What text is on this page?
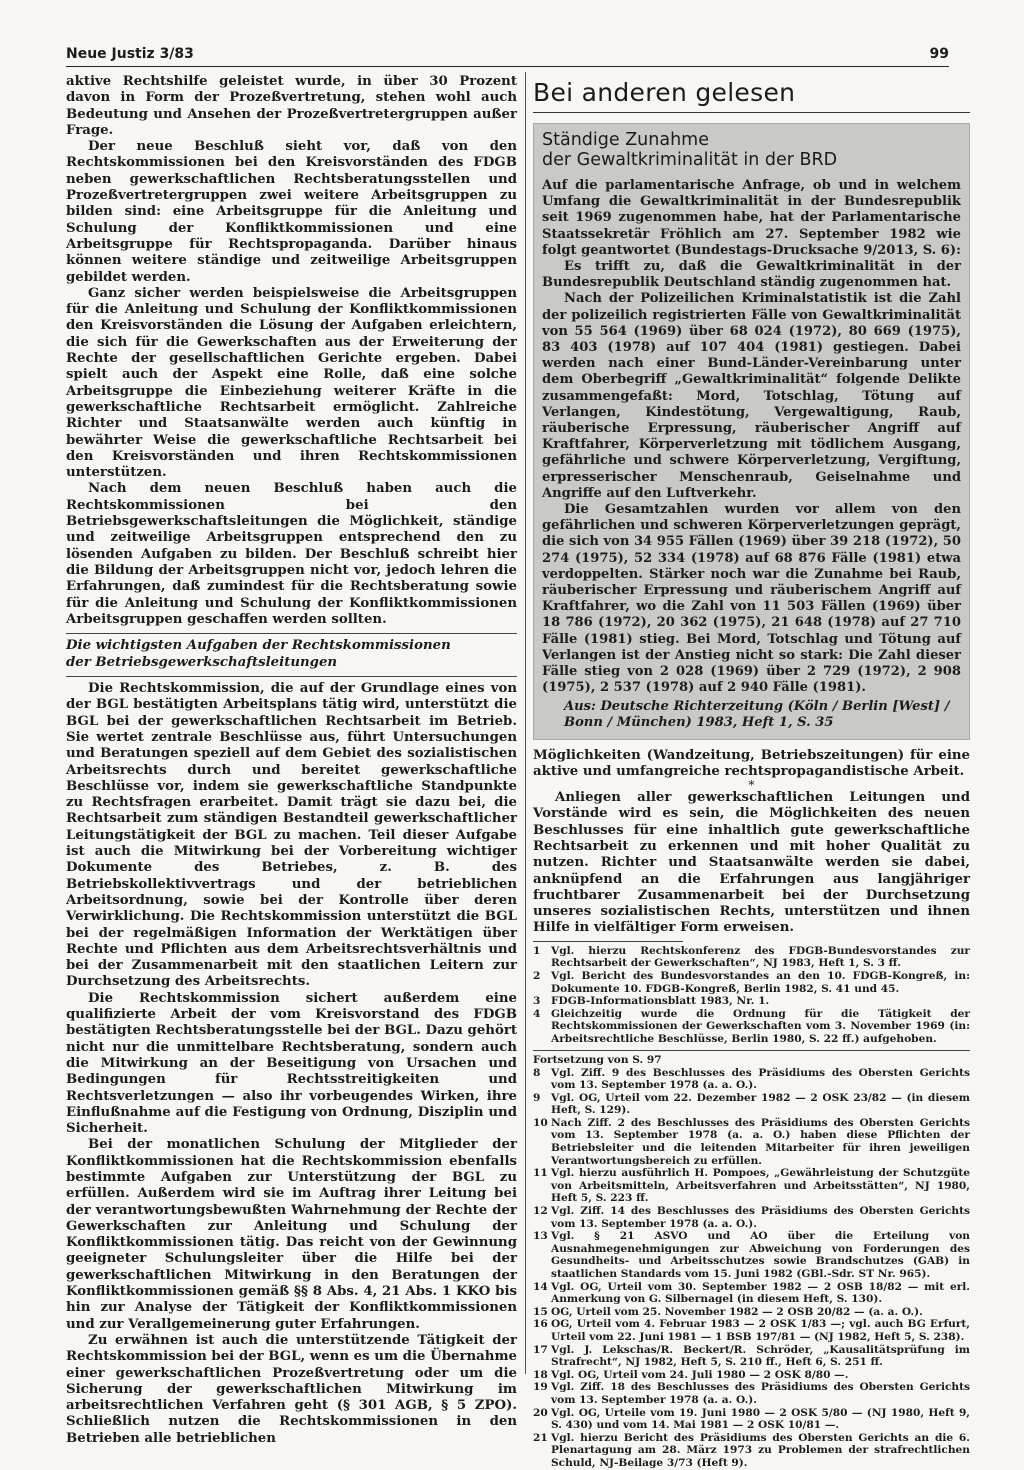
Neue Justiz 3/83	99

aktive Rechtshilfe geleistet wurde, in über 30 Prozent davon in Form der Prozeßvertretung, stehen wohl auch Bedeutung und Ansehen der Prozeßvertretergruppen außer Frage.

Der neue Beschluß sieht vor, daß von den Rechtskommissionen bei den Kreisvorständen des FDGB neben gewerkschaftlichen Rechtsberatungsstellen und Prozeßvertretergruppen zwei weitere Arbeitsgruppen zu bilden sind: eine Arbeitsgruppe für die Anleitung und Schulung der Konfliktkommissionen und eine Arbeitsgruppe für Rechtspropaganda. Darüber hinaus können weitere ständige und zeitweilige Arbeitsgruppen gebildet werden.

Ganz sicher werden beispielsweise die Arbeitsgruppen für die Anleitung und Schulung der Konfliktkommissionen den Kreisvorständen die Lösung der Aufgaben erleichtern, die sich für die Gewerkschaften aus der Erweiterung der Rechte der gesellschaftlichen Gerichte ergeben. Dabei spielt auch der Aspekt eine Rolle, daß eine solche Arbeitsgruppe die Einbeziehung weiterer Kräfte in die gewerkschaftliche Rechtsarbeit ermöglicht. Zahlreiche Richter und Staatsanwälte werden auch künftig in bewährter Weise die gewerkschaftliche Rechtsarbeit bei den Kreisvorständen und ihren Rechtskommissionen unterstützen.

Nach dem neuen Beschluß haben auch die Rechtskommissionen bei den Betriebsgewerkschaftsleitungen die Möglichkeit, ständige und zeitweilige Arbeitsgruppen entsprechend den zu lösenden Aufgaben zu bilden. Der Beschluß schreibt hier die Bildung der Arbeitsgruppen nicht vor, jedoch lehren die Erfahrungen, daß zumindest für die Rechtsberatung sowie für die Anleitung und Schulung der Konfliktkommissionen Arbeitsgruppen geschaffen werden sollten.

Die wichtigsten Aufgaben der Rechtskommissionen
der Betriebsgewerkschaftsleitungen

Die Rechtskommission, die auf der Grundlage eines von der BGL bestätigten Arbeitsplans tätig wird, unterstützt die BGL bei der gewerkschaftlichen Rechtsarbeit im Betrieb. Sie wertet zentrale Beschlüsse aus, führt Untersuchungen und Beratungen speziell auf dem Gebiet des sozialistischen Arbeitsrechts durch und bereitet gewerkschaftliche Beschlüsse vor, indem sie gewerkschaftliche Standpunkte zu Rechtsfragen erarbeitet. Damit trägt sie dazu bei, die Rechtsarbeit zum ständigen Bestandteil gewerkschaftlicher Leitungstätigkeit der BGL zu machen. Teil dieser Aufgabe ist auch die Mitwirkung bei der Vorbereitung wichtiger Dokumente des Betriebes, z. B. des Betriebskollektivvertrags und der betrieblichen Arbeitsordnung, sowie bei der Kontrolle über deren Verwirklichung. Die Rechtskommission unterstützt die BGL bei der regelmäßigen Information der Werktätigen über Rechte und Pflichten aus dem Arbeitsrechtsverhältnis und bei der Zusammenarbeit mit den staatlichen Leitern zur Durchsetzung des Arbeitsrechts.

Die Rechtskommission sichert außerdem eine qualifizierte Arbeit der vom Kreisvorstand des FDGB bestätigten Rechtsberatungsstelle bei der BGL. Dazu gehört nicht nur die unmittelbare Rechtsberatung, sondern auch die Mitwirkung an der Beseitigung von Ursachen und Bedingungen für Rechtsstreitigkeiten und Rechtsverletzungen — also ihr vorbeugendes Wirken, ihre Einflußnahme auf die Festigung von Ordnung, Disziplin und Sicherheit.

Bei der monatlichen Schulung der Mitglieder der Konfliktkommissionen hat die Rechtskommission ebenfalls bestimmte Aufgaben zur Unterstützung der BGL zu erfüllen. Außerdem wird sie im Auftrag ihrer Leitung bei der verantwortungsbewußten Wahrnehmung der Rechte der Gewerkschaften zur Anleitung und Schulung der Konfliktkommissionen tätig. Das reicht von der Gewinnung geeigneter Schulungsleiter über die Hilfe bei der gewerkschaftlichen Mitwirkung in den Beratungen der Konfliktkommissionen gemäß §§ 8 Abs. 4, 21 Abs. 1 KKO bis hin zur Analyse der Tätigkeit der Konfliktkommissionen und zur Verallgemeinerung guter Erfahrungen.

Zu erwähnen ist auch die unterstützende Tätigkeit der Rechtskommission bei der BGL, wenn es um die Übernahme einer gewerkschaftlichen Prozeßvertretung oder um die Sicherung der gewerkschaftlichen Mitwirkung im arbeitsrechtlichen Verfahren geht (§ 301 AGB, § 5 ZPO). Schließlich nutzen die Rechtskommissionen in den Betrieben alle betrieblichen

Bei anderen gelesen
Ständige Zunahme
der Gewaltkriminalität in der BRD

Auf die parlamentarische Anfrage, ob und in welchem Umfang die Gewaltkriminalität in der Bundesrepublik seit 1969 zugenommen habe, hat der Parlamentarische Staatssekretär Fröhlich am 27. September 1982 wie folgt geantwortet (Bundestags-Drucksache 9/2013, S. 6):

Es trifft zu, daß die Gewaltkriminalität in der Bundesrepublik Deutschland ständig zugenommen hat.

Nach der Polizeilichen Kriminalstatistik ist die Zahl der polizeilich registrierten Fälle von Gewaltkriminalität von 55 564 (1969) über 68 024 (1972), 80 669 (1975), 83 403 (1978) auf 107 404 (1981) gestiegen. Dabei werden nach einer Bund-Länder-Vereinbarung unter dem Oberbegriff „Gewaltkriminalität“ folgende Delikte zusammengefaßt: Mord, Totschlag, Tötung auf Verlangen, Kindestötung, Vergewaltigung, Raub, räuberische Erpressung, räuberischer Angriff auf Kraftfahrer, Körperverletzung mit tödlichem Ausgang, gefährliche und schwere Körperverletzung, Vergiftung, erpresserischer Menschenraub, Geiselnahme und Angriffe auf den Luftverkehr.

Die Gesamtzahlen wurden vor allem von den gefährlichen und schweren Körperverletzungen geprägt, die sich von 34 955 Fällen (1969) über 39 218 (1972), 50 274 (1975), 52 334 (1978) auf 68 876 Fälle (1981) etwa verdoppelten. Stärker noch war die Zunahme bei Raub, räuberischer Erpressung und räuberischem Angriff auf Kraftfahrer, wo die Zahl von 11 503 Fällen (1969) über 18 786 (1972), 20 362 (1975), 21 648 (1978) auf 27 710 Fälle (1981) stieg. Bei Mord, Totschlag und Tötung auf Verlangen ist der Anstieg nicht so stark: Die Zahl dieser Fälle stieg von 2 028 (1969) über 2 729 (1972), 2 908 (1975), 2 537 (1978) auf 2 940 Fälle (1981).

Aus: Deutsche Richterzeitung (Köln / Berlin [West] / Bonn / München) 1983, Heft 1, S. 35

Möglichkeiten (Wandzeitung, Betriebszeitungen) für eine aktive und umfangreiche rechtspropagandistische Arbeit.

*

Anliegen aller gewerkschaftlichen Leitungen und Vorstände wird es sein, die Möglichkeiten des neuen Beschlusses für eine inhaltlich gute gewerkschaftliche Rechtsarbeit zu erkennen und mit hoher Qualität zu nutzen. Richter und Staatsanwälte werden sie dabei, anknüpfend an die Erfahrungen aus langjähriger fruchtbarer Zusammenarbeit bei der Durchsetzung unseres sozialistischen Rechts, unterstützen und ihnen Hilfe in vielfältiger Form erweisen.

1	Vgl. hierzu Rechtskonferenz des FDGB-Bundesvorstandes zur Rechtsarbeit der Gewerkschaften“, NJ 1983, Heft 1, S. 3 ff.
2	Vgl. Bericht des Bundesvorstandes an den 10. FDGB-Kongreß, in: Dokumente 10. FDGB-Kongreß, Berlin 1982, S. 41 und 45.
3	FDGB-Informationsblatt 1983, Nr. 1.
4	Gleichzeitig wurde die Ordnung für die Tätigkeit der Rechtskommissionen der Gewerkschaften vom 3. November 1969 (in: Arbeitsrechtliche Beschlüsse, Berlin 1980, S. 22 ff.) aufgehoben.
Fortsetzung von S. 97
8	Vgl. Ziff. 9 des Beschlusses des Präsidiums des Obersten Gerichts vom 13. September 1978 (a. a. O.).
9	Vgl. OG, Urteil vom 22. Dezember 1982 — 2 OSK 23/82 — (in diesem Heft, S. 129).
10 Nach Ziff. 2 des Beschlusses des Präsidiums des Obersten Gerichts vom 13. September 1978 (a. a. O.) haben diese Pflichten der Betriebsleiter und die leitenden Mitarbeiter für ihren jeweiligen Verantwortungsbereich zu erfüllen.
11 Vgl. hierzu ausführlich H. Pompoes, „Gewährleistung der Schutzgüte von Arbeitsmitteln, Arbeitsverfahren und Arbeitsstätten“, NJ 1980, Heft 5, S. 223 ff.
12 Vgl. Ziff. 14 des Beschlusses des Präsidiums des Obersten Gerichts vom 13. September 1978 (a. a. O.).
13 Vgl. § 21 ASVO und AO über die Erteilung von Ausnahmegenehmigungen zur Abweichung von Forderungen des Gesundheits- und Arbeitsschutzes sowie Brandschutzes (GAB) in staatlichen Standards vom 15. Juni 1982 (GBl.-Sdr. ST Nr. 965).
14 Vgl. OG, Urteil vom 30. September 1982 — 2 OSB 18/82 — mit erl. Anmerkung von G. Silbernagel (in diesem Heft, S. 130).
15 OG, Urteil vom 25. November 1982 — 2 OSB 20/82 — (a. a. O.).
16 OG, Urteil vom 4. Februar 1983 — 2 OSK 1/83 —; vgl. auch BG Erfurt, Urteil vom 22. Juni 1981 — 1 BSB 197/81 — (NJ 1982, Heft 5, S. 238).
17 Vgl. J. Lekschas/R. Beckert/R. Schröder, „Kausalitätsprüfung im Strafrecht“, NJ 1982, Heft 5, S. 210 ff., Heft 6, S. 251 ff.
18 Vgl. OG, Urteil vom 24. Juli 1980 — 2 OSK 8/80 —.
19 Vgl. Ziff. 18 des Beschlusses des Präsidiums des Obersten Gerichts vom 13. September 1978 (a. a. O.).
20 Vgl. OG, Urteile vom 19. Juni 1980 — 2 OSK 5/80 — (NJ 1980, Heft 9, S. 430) und vom 14. Mai 1981 — 2 OSK 10/81 —.
21 Vgl. hierzu Bericht des Präsidiums des Obersten Gerichts an die 6. Plenartagung am 28. März 1973 zu Problemen der strafrechtlichen Schuld, NJ-Beilage 3/73 (Heft 9).
